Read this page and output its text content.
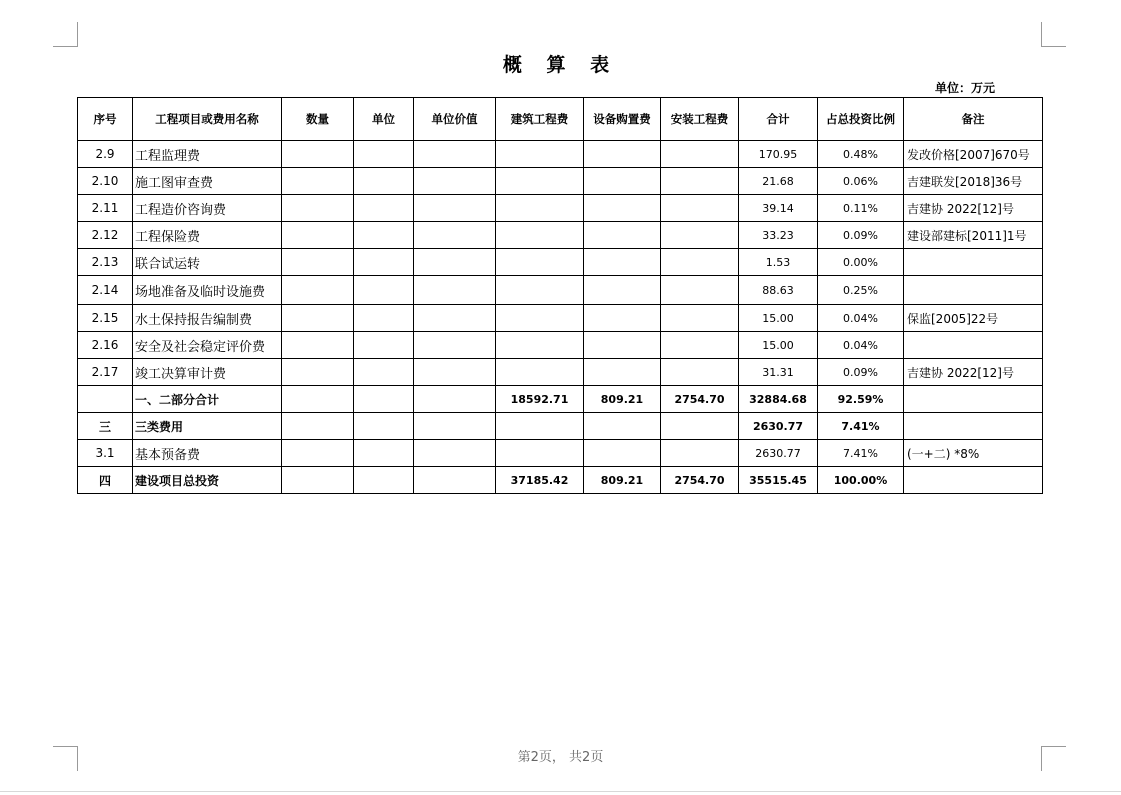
概 算 表
单位：万元
序号	工程项目或费用名称	数量	单位	单位价值	建筑工程费	设备购置费	安装工程费	合计	占总投资比例	备注
2.9	工程监理费							170.95	0.48%	发改价格[2007]670号
2.10	施工图审查费							21.68	0.06%	吉建联发[2018]36号
2.11	工程造价咨询费							39.14	0.11%	吉建协 2022[12]号
2.12	工程保险费							33.23	0.09%	建设部建标[2011]1号
2.13	联合试运转							1.53	0.00%	
2.14	场地准备及临时设施费							88.63	0.25%	
2.15	水土保持报告编制费							15.00	0.04%	保监[2005]22号
2.16	安全及社会稳定评价费							15.00	0.04%	
2.17	竣工决算审计费							31.31	0.09%	吉建协 2022[12]号
	一、二部分合计				18592.71	809.21	2754.70	32884.68	92.59%	
三	三类费用							2630.77	7.41%	
3.1	基本预备费							2630.77	7.41%	(一+二) *8%
四	建设项目总投资				37185.42	809.21	2754.70	35515.45	100.00%	
第2页， 共2页
